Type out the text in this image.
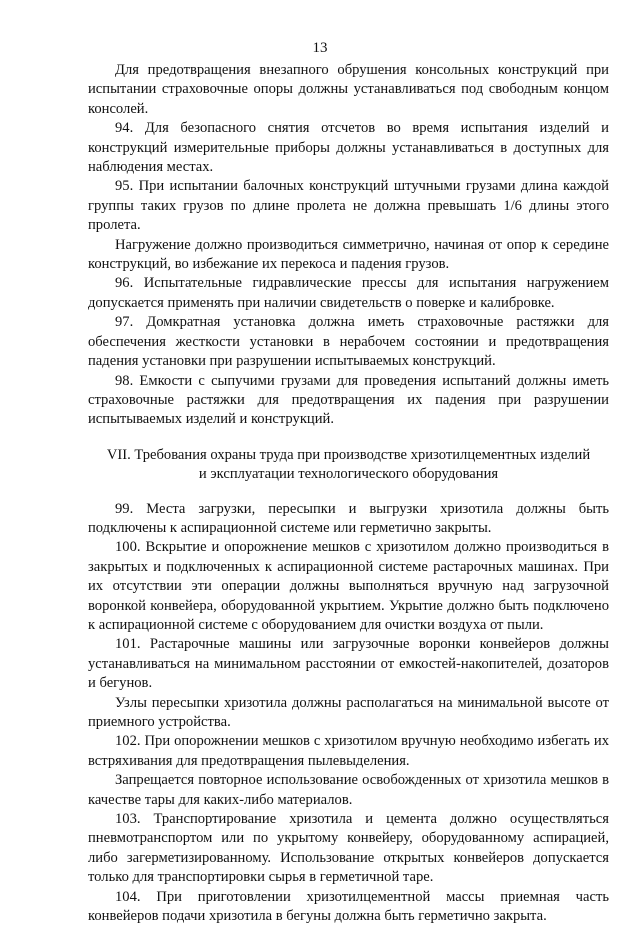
13

Для предотвращения внезапного обрушения консольных конструкций при испытании страховочные опоры должны устанавливаться под свободным концом консолей.

94. Для безопасного снятия отсчетов во время испытания изделий и конструкций измерительные приборы должны устанавливаться в доступных для наблюдения местах.

95. При испытании балочных конструкций штучными грузами длина каждой группы таких грузов по длине пролета не должна превышать 1/6 длины этого пролета.

Нагружение должно производиться симметрично, начиная от опор к середине конструкций, во избежание их перекоса и падения грузов.

96. Испытательные гидравлические прессы для испытания нагружением допускается применять при наличии свидетельств о поверке и калибровке.

97. Домкратная установка должна иметь страховочные растяжки для обеспечения жесткости установки в нерабочем состоянии и предотвращения падения установки при разрушении испытываемых конструкций.

98. Емкости с сыпучими грузами для проведения испытаний должны иметь страховочные растяжки для предотвращения их падения при разрушении испытываемых изделий и конструкций.

VII. Требования охраны труда при производстве хризотилцементных изделий
и эксплуатации технологического оборудования

99. Места загрузки, пересыпки и выгрузки хризотила должны быть подключены к аспирационной системе или герметично закрыты.

100. Вскрытие и опорожнение мешков с хризотилом должно производиться в закрытых и подключенных к аспирационной системе растарочных машинах. При их отсутствии эти операции должны выполняться вручную над загрузочной воронкой конвейера, оборудованной укрытием. Укрытие должно быть подключено к аспирационной системе с оборудованием для очистки воздуха от пыли.

101. Растарочные машины или загрузочные воронки конвейеров должны устанавливаться на минимальном расстоянии от емкостей-накопителей, дозаторов и бегунов.

Узлы пересыпки хризотила должны располагаться на минимальной высоте от приемного устройства.

102. При опорожнении мешков с хризотилом вручную необходимо избегать их встряхивания для предотвращения пылевыделения.

Запрещается повторное использование освобожденных от хризотила мешков в качестве тары для каких-либо материалов.

103. Транспортирование хризотила и цемента должно осуществляться пневмотранспортом или по укрытому конвейеру, оборудованному аспирацией, либо загерметизированному. Использование открытых конвейеров допускается только для транспортировки сырья в герметичной таре.

104. При приготовлении хризотилцементной массы приемная часть конвейеров подачи хризотила в бегуны должна быть герметично закрыта.
